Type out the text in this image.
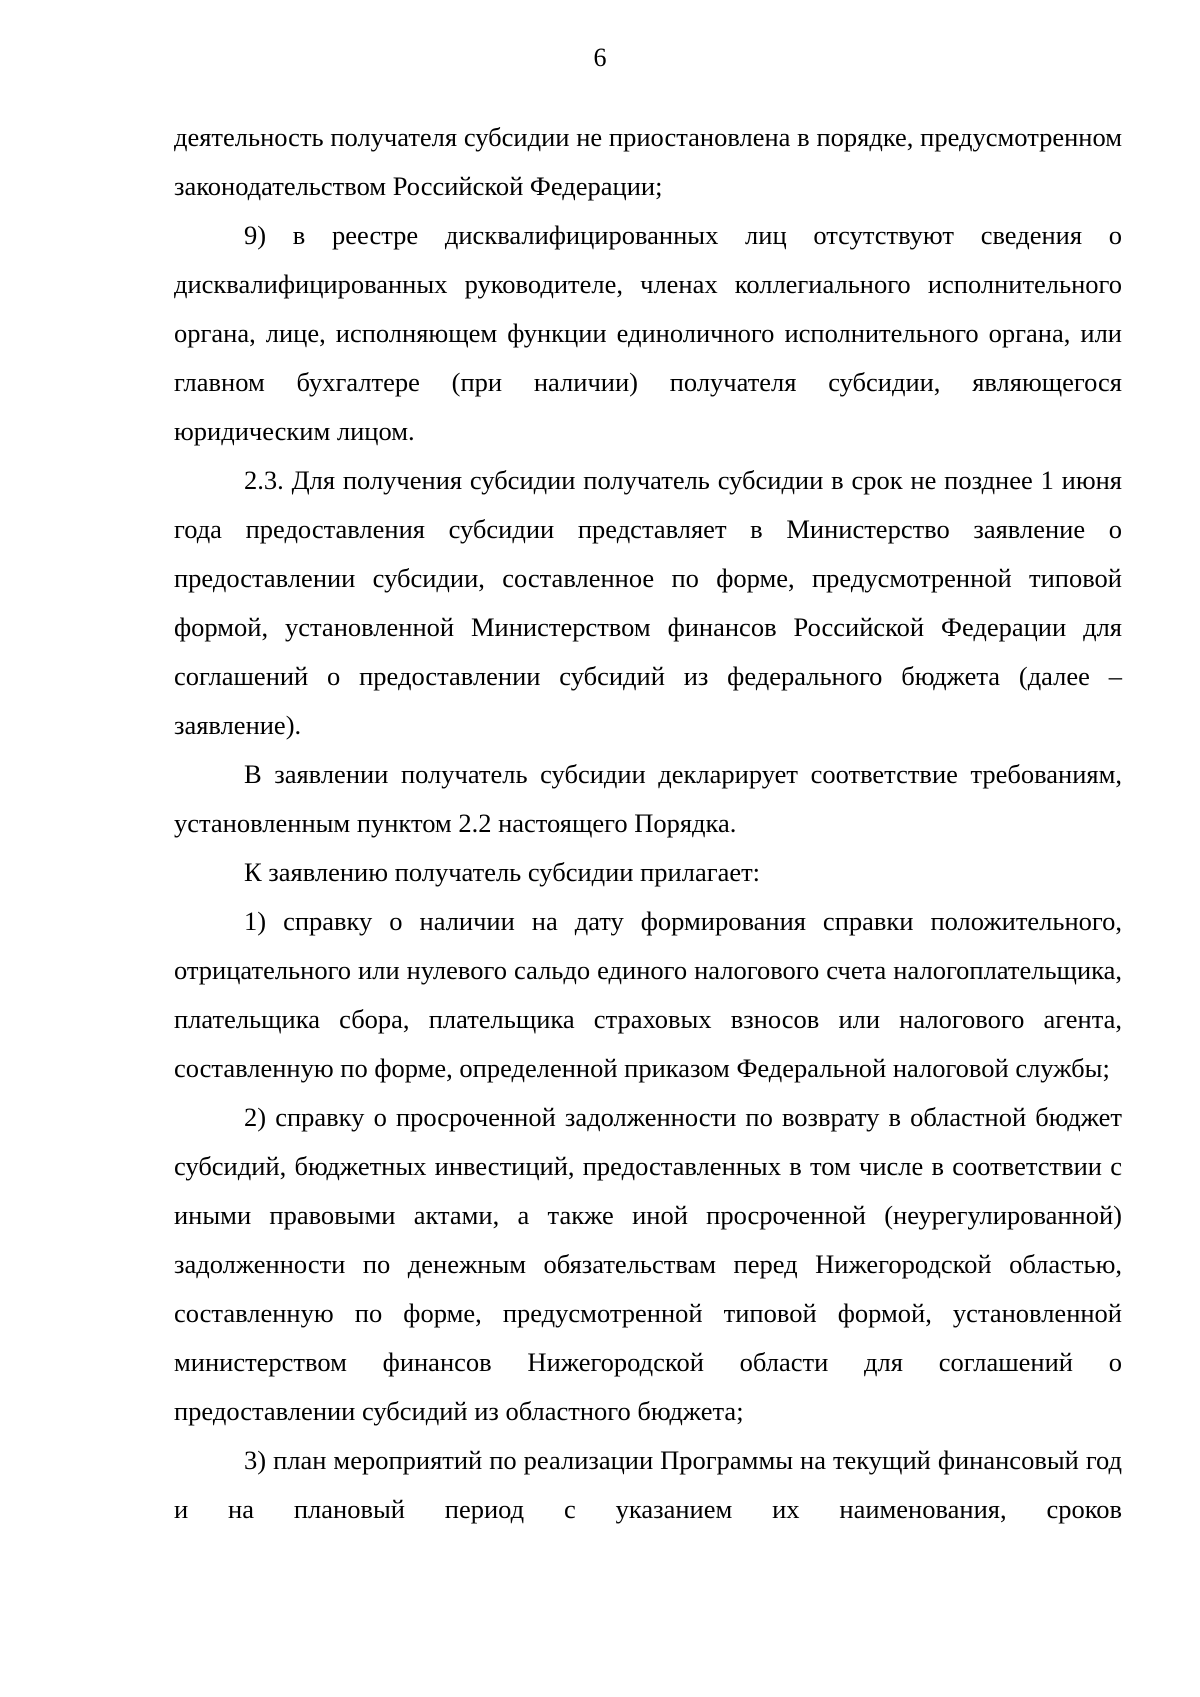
6

деятельность получателя субсидии не приостановлена в порядке, предусмотренном законодательством Российской Федерации;

9) в реестре дисквалифицированных лиц отсутствуют сведения о дисквалифицированных руководителе, членах коллегиального исполнительного органа, лице, исполняющем функции единоличного исполнительного органа, или главном бухгалтере (при наличии) получателя субсидии, являющегося юридическим лицом.

2.3. Для получения субсидии получатель субсидии в срок не позднее 1 июня года предоставления субсидии представляет в Министерство заявление о предоставлении субсидии, составленное по форме, предусмотренной типовой формой, установленной Министерством финансов Российской Федерации для соглашений о предоставлении субсидий из федерального бюджета (далее – заявление).

В заявлении получатель субсидии декларирует соответствие требованиям, установленным пунктом 2.2 настоящего Порядка.

К заявлению получатель субсидии прилагает:

1) справку о наличии на дату формирования справки положительного, отрицательного или нулевого сальдо единого налогового счета налогоплательщика, плательщика сбора, плательщика страховых взносов или налогового агента, составленную по форме, определенной приказом Федеральной налоговой службы;

2) справку о просроченной задолженности по возврату в областной бюджет субсидий, бюджетных инвестиций, предоставленных в том числе в соответствии с иными правовыми актами, а также иной просроченной (неурегулированной) задолженности по денежным обязательствам перед Нижегородской областью, составленную по форме, предусмотренной типовой формой, установленной министерством финансов Нижегородской области для соглашений о предоставлении субсидий из областного бюджета;

3) план мероприятий по реализации Программы на текущий финансовый год и на плановый период с указанием их наименования, сроков
